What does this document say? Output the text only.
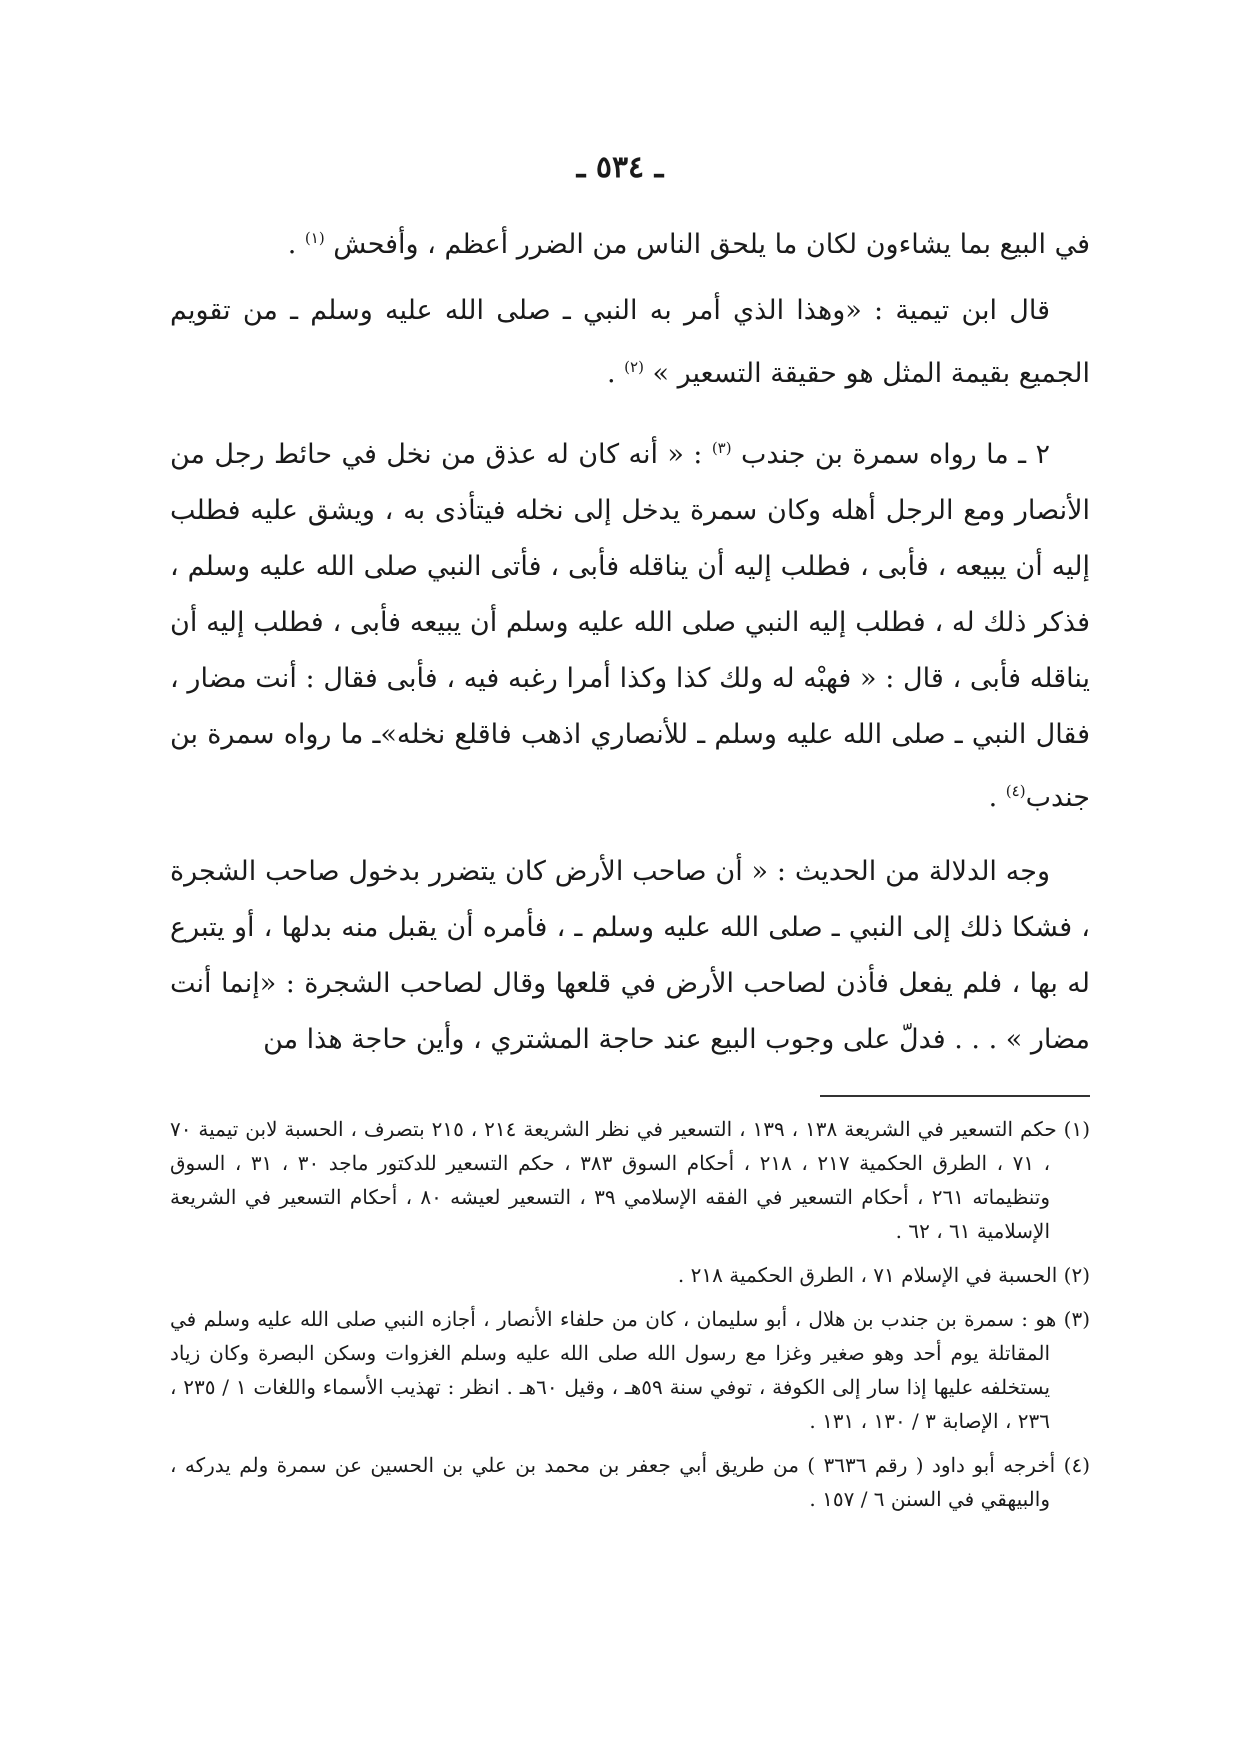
ـ ٥٣٤ ـ

في البيع بما يشاءون لكان ما يلحق الناس من الضرر أعظم ، وأفحش $^{(١)}$ .

قال ابن تيمية : «وهذا الذي أمر به النبي ـ صلى الله عليه وسلم ـ من تقويم الجميع بقيمة المثل هو حقيقة التسعير » $^{(٢)}$ .

٢ ـ ما رواه سمرة بن جندب $^{(٣)}$ : « أنه كان له عذق من نخل في حائط رجل من الأنصار ومع الرجل أهله وكان سمرة يدخل إلى نخله فيتأذى به ، ويشق عليه فطلب إليه أن يبيعه ، فأبى ، فطلب إليه أن يناقله فأبى ، فأتى النبي صلى الله عليه وسلم ، فذكر ذلك له ، فطلب إليه النبي صلى الله عليه وسلم أن يبيعه فأبى ، فطلب إليه أن يناقله فأبى ، قال : « فهبْه له ولك كذا وكذا أمرا رغبه فيه ، فأبى فقال : أنت مضار ، فقال النبي ـ صلى الله عليه وسلم ـ للأنصاري اذهب فاقلع نخله»ـ ما رواه سمرة بن جندب$^{(٤)}$ .

وجه الدلالة من الحديث : « أن صاحب الأرض كان يتضرر بدخول صاحب الشجرة ، فشكا ذلك إلى النبي ـ صلى الله عليه وسلم ـ ، فأمره أن يقبل منه بدلها ، أو يتبرع له بها ، فلم يفعل فأذن لصاحب الأرض في قلعها وقال لصاحب الشجرة : «إنما أنت مضار » . . . فدلّ على وجوب البيع عند حاجة المشتري ، وأين حاجة هذا من

(١) حكم التسعير في الشريعة ١٣٨ ، ١٣٩ ، التسعير في نظر الشريعة ٢١٤ ، ٢١٥ بتصرف ، الحسبة لابن تيمية ٧٠ ، ٧١ ، الطرق الحكمية ٢١٧ ، ٢١٨ ، أحكام السوق ٣٨٣ ، حكم التسعير للدكتور ماجد ٣٠ ، ٣١ ، السوق وتنظيماته ٢٦١ ، أحكام التسعير في الفقه الإسلامي ٣٩ ، التسعير لعيشه ٨٠ ، أحكام التسعير في الشريعة الإسلامية ٦١ ، ٦٢ .

(٢) الحسبة في الإسلام ٧١ ، الطرق الحكمية ٢١٨ .

(٣) هو : سمرة بن جندب بن هلال ، أبو سليمان ، كان من حلفاء الأنصار ، أجازه النبي صلى الله عليه وسلم في المقاتلة يوم أحد وهو صغير وغزا مع رسول الله صلى الله عليه وسلم الغزوات وسكن البصرة وكان زياد يستخلفه عليها إذا سار إلى الكوفة ، توفي سنة ٥٩هـ ، وقيل ٦٠هـ . انظر : تهذيب الأسماء واللغات ١ / ٢٣٥ ، ٢٣٦ ، الإصابة ٣ / ١٣٠ ، ١٣١ .

(٤) أخرجه أبو داود ( رقم ٣٦٣٦ ) من طريق أبي جعفر بن محمد بن علي بن الحسين عن سمرة ولم يدركه ، والبيهقي في السنن ٦ / ١٥٧ .
